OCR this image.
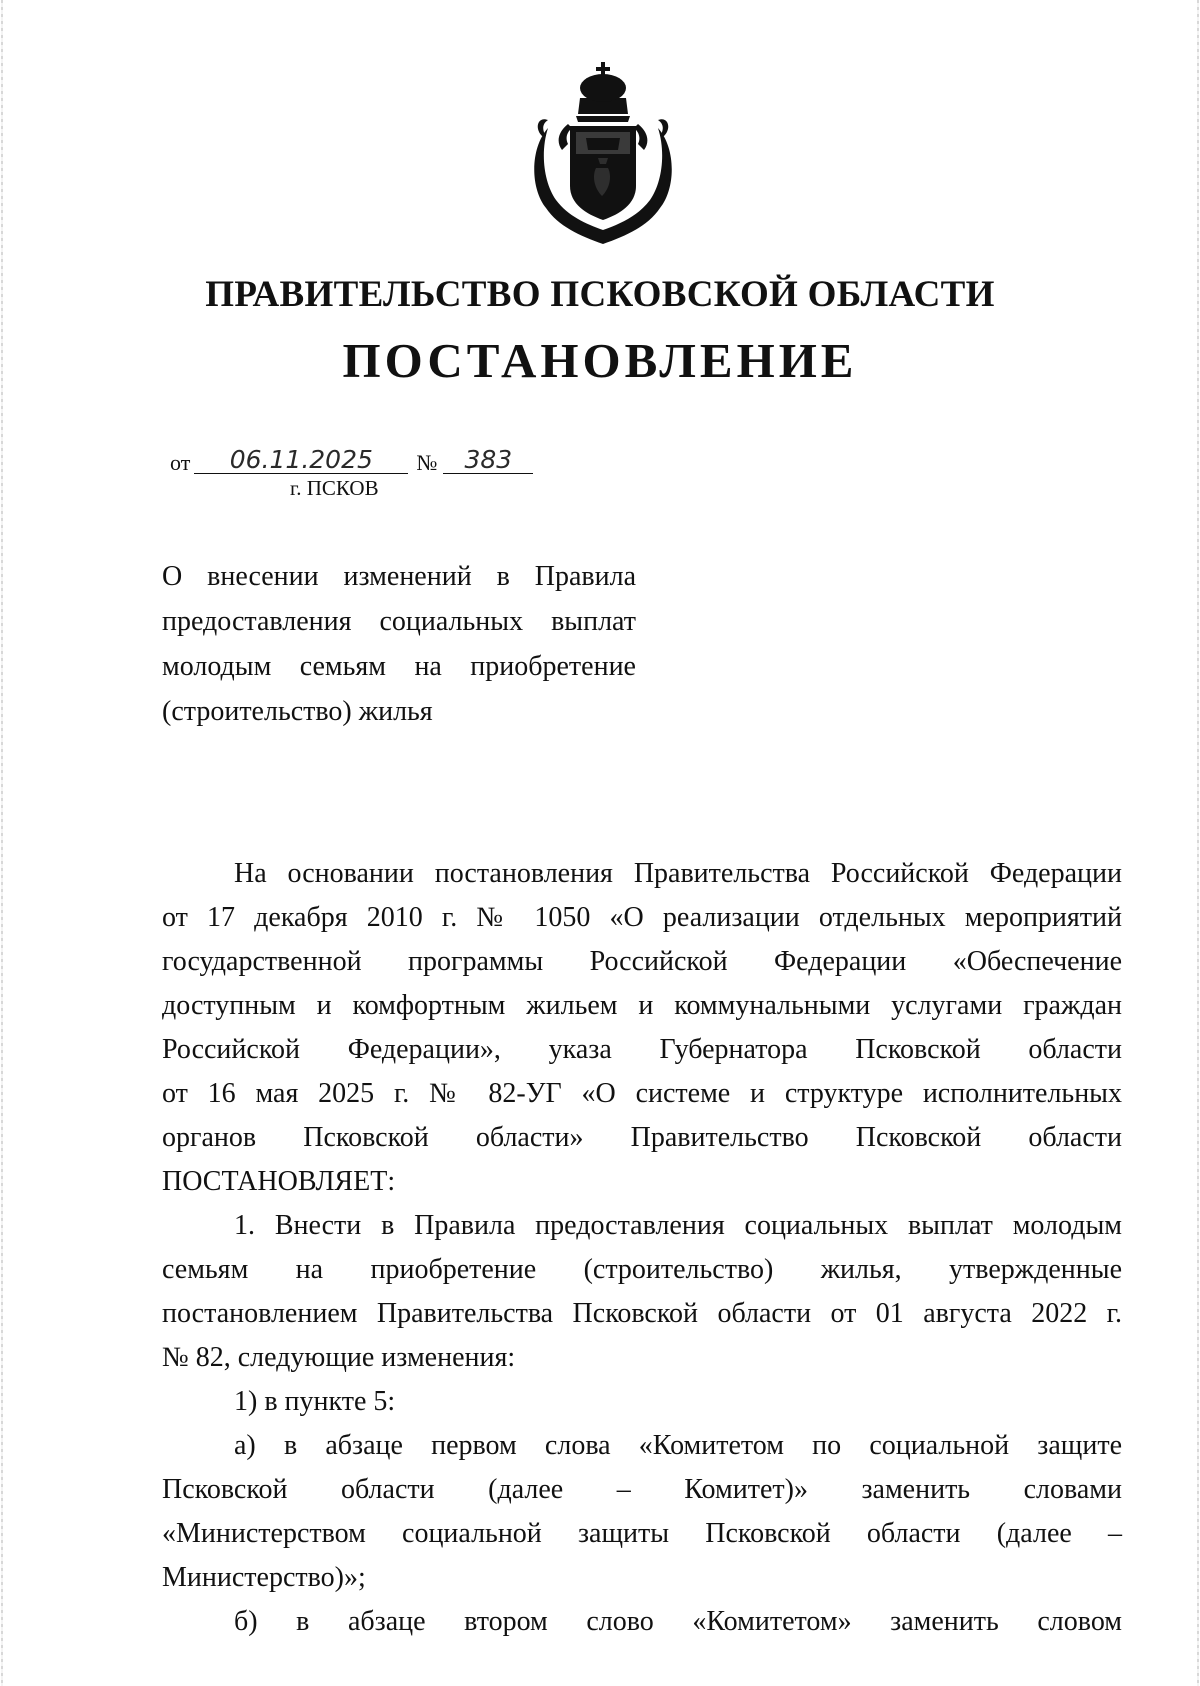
ПРАВИТЕЛЬСТВО ПСКОВСКОЙ ОБЛАСТИ
ПОСТАНОВЛЕНИЕ
от 06.11.2025 № 383
г. ПСКОВ
О внесении изменений в Правила
предоставления социальных выплат
молодым семьям на приобретение
(строительство) жилья
На основании постановления Правительства Российской Федерации
от 17 декабря 2010 г. № 1050 «О реализации отдельных мероприятий
государственной программы Российской Федерации «Обеспечение
доступным и комфортным жильем и коммунальными услугами граждан
Российской Федерации», указа Губернатора Псковской области
от 16 мая 2025 г. № 82-УГ «О системе и структуре исполнительных
органов Псковской области» Правительство Псковской области
ПОСТАНОВЛЯЕТ:
1. Внести в Правила предоставления социальных выплат молодым
семьям на приобретение (строительство) жилья, утвержденные
постановлением Правительства Псковской области от 01 августа 2022 г.
№ 82, следующие изменения:
1) в пункте 5:
а) в абзаце первом слова «Комитетом по социальной защите
Псковской области (далее – Комитет)» заменить словами
«Министерством социальной защиты Псковской области (далее –
Министерство)»;
б) в абзаце втором слово «Комитетом» заменить словом
